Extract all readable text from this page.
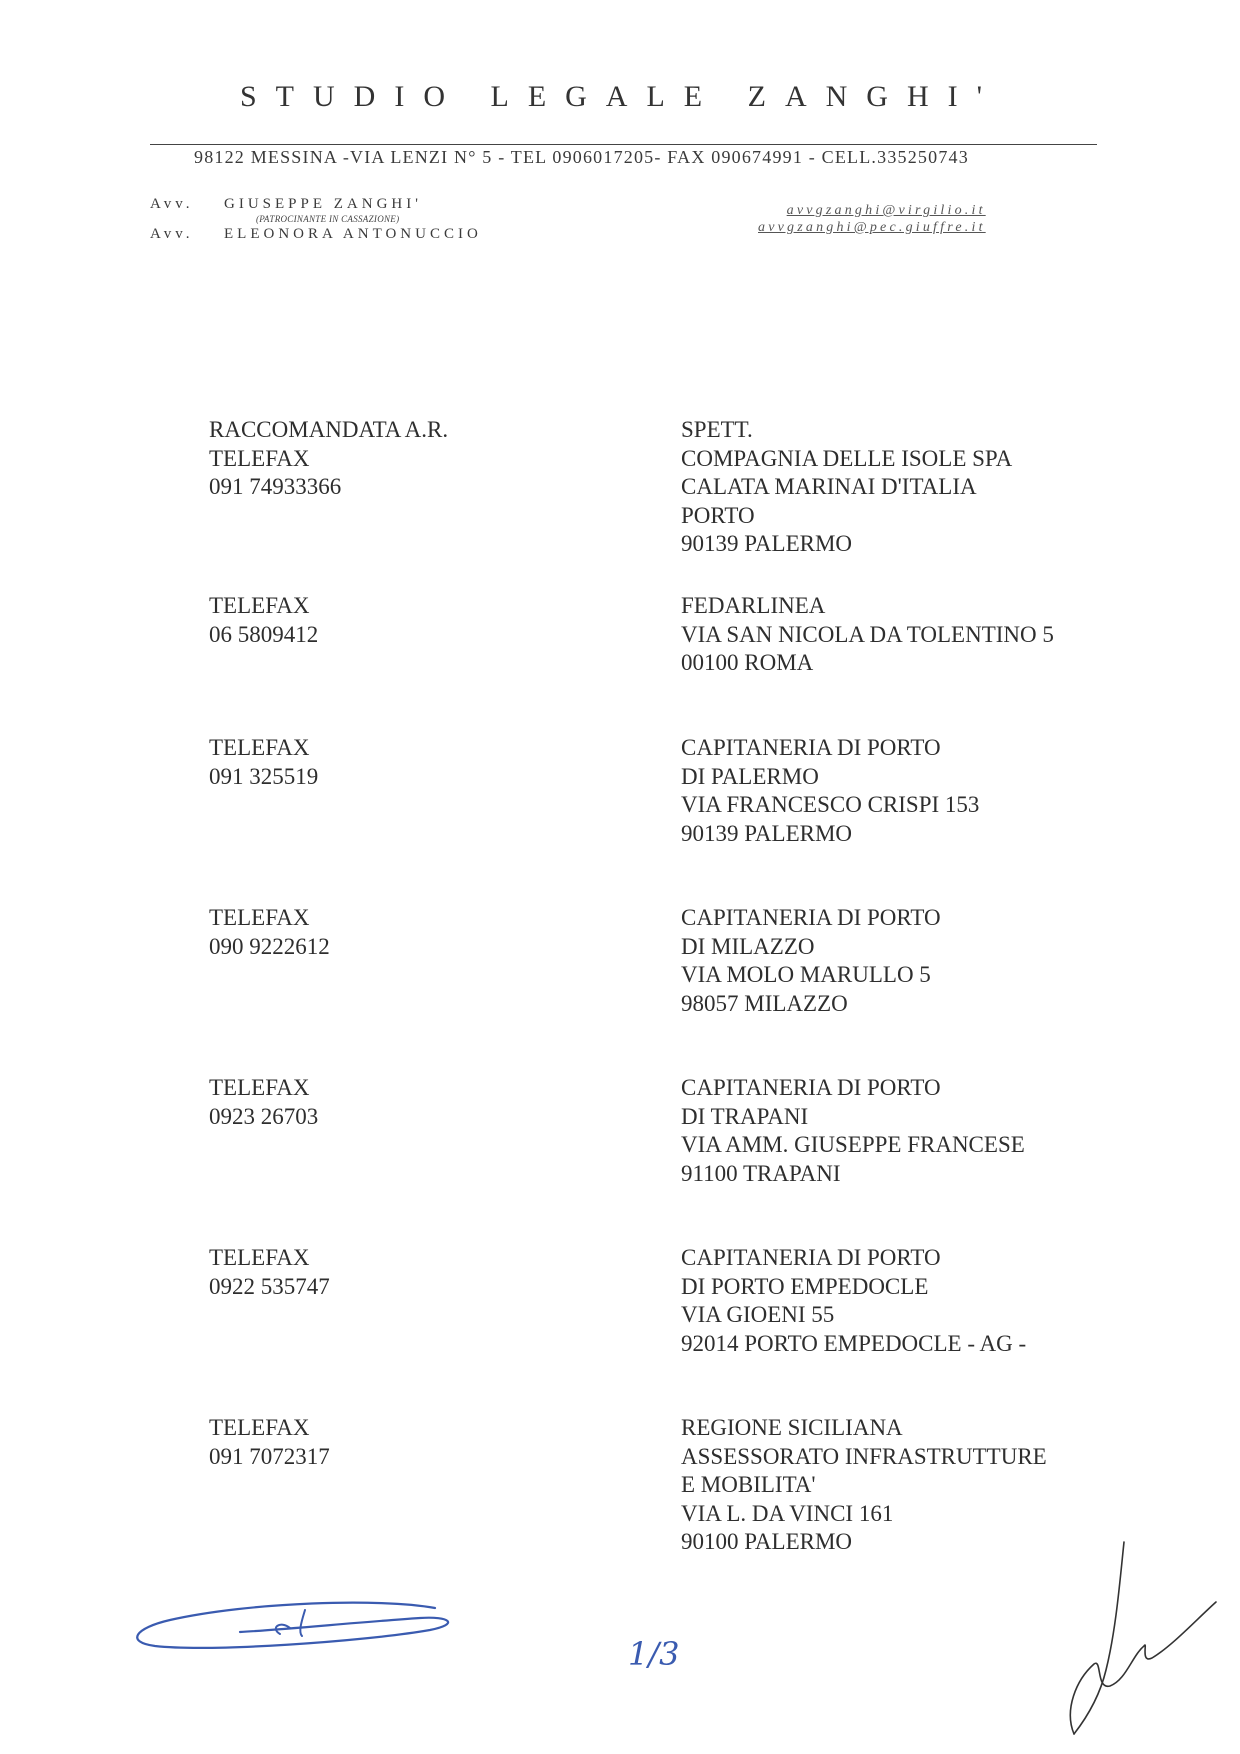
STUDIO LEGALE ZANGHI'
98122 MESSINA -VIA LENZI N° 5 - TEL 0906017205- FAX 090674991 - CELL.335250743
Avv. GIUSEPPE ZANGHI'
(PATROCINANTE IN CASSAZIONE)
Avv. ELEONORA ANTONUCCIO
avvgzanghi@virgilio.it
avvgzanghi@pec.giuffre.it
RACCOMANDATA A.R.
TELEFAX
091 74933366
SPETT.
COMPAGNIA DELLE ISOLE SPA
CALATA MARINAI D'ITALIA
PORTO
90139 PALERMO
TELEFAX
06 5809412
FEDARLINEA
VIA SAN NICOLA DA TOLENTINO 5
00100 ROMA
TELEFAX
091 325519
CAPITANERIA DI PORTO
DI PALERMO
VIA FRANCESCO CRISPI 153
90139 PALERMO
TELEFAX
090 9222612
CAPITANERIA DI PORTO
DI MILAZZO
VIA MOLO MARULLO 5
98057 MILAZZO
TELEFAX
0923 26703
CAPITANERIA DI PORTO
DI TRAPANI
VIA AMM. GIUSEPPE FRANCESE
91100 TRAPANI
TELEFAX
0922 535747
CAPITANERIA DI PORTO
DI PORTO EMPEDOCLE
VIA GIOENI 55
92014 PORTO EMPEDOCLE - AG -
TELEFAX
091 7072317
REGIONE SICILIANA
ASSESSORATO INFRASTRUTTURE
E MOBILITA'
VIA L. DA VINCI 161
90100 PALERMO
1/3
